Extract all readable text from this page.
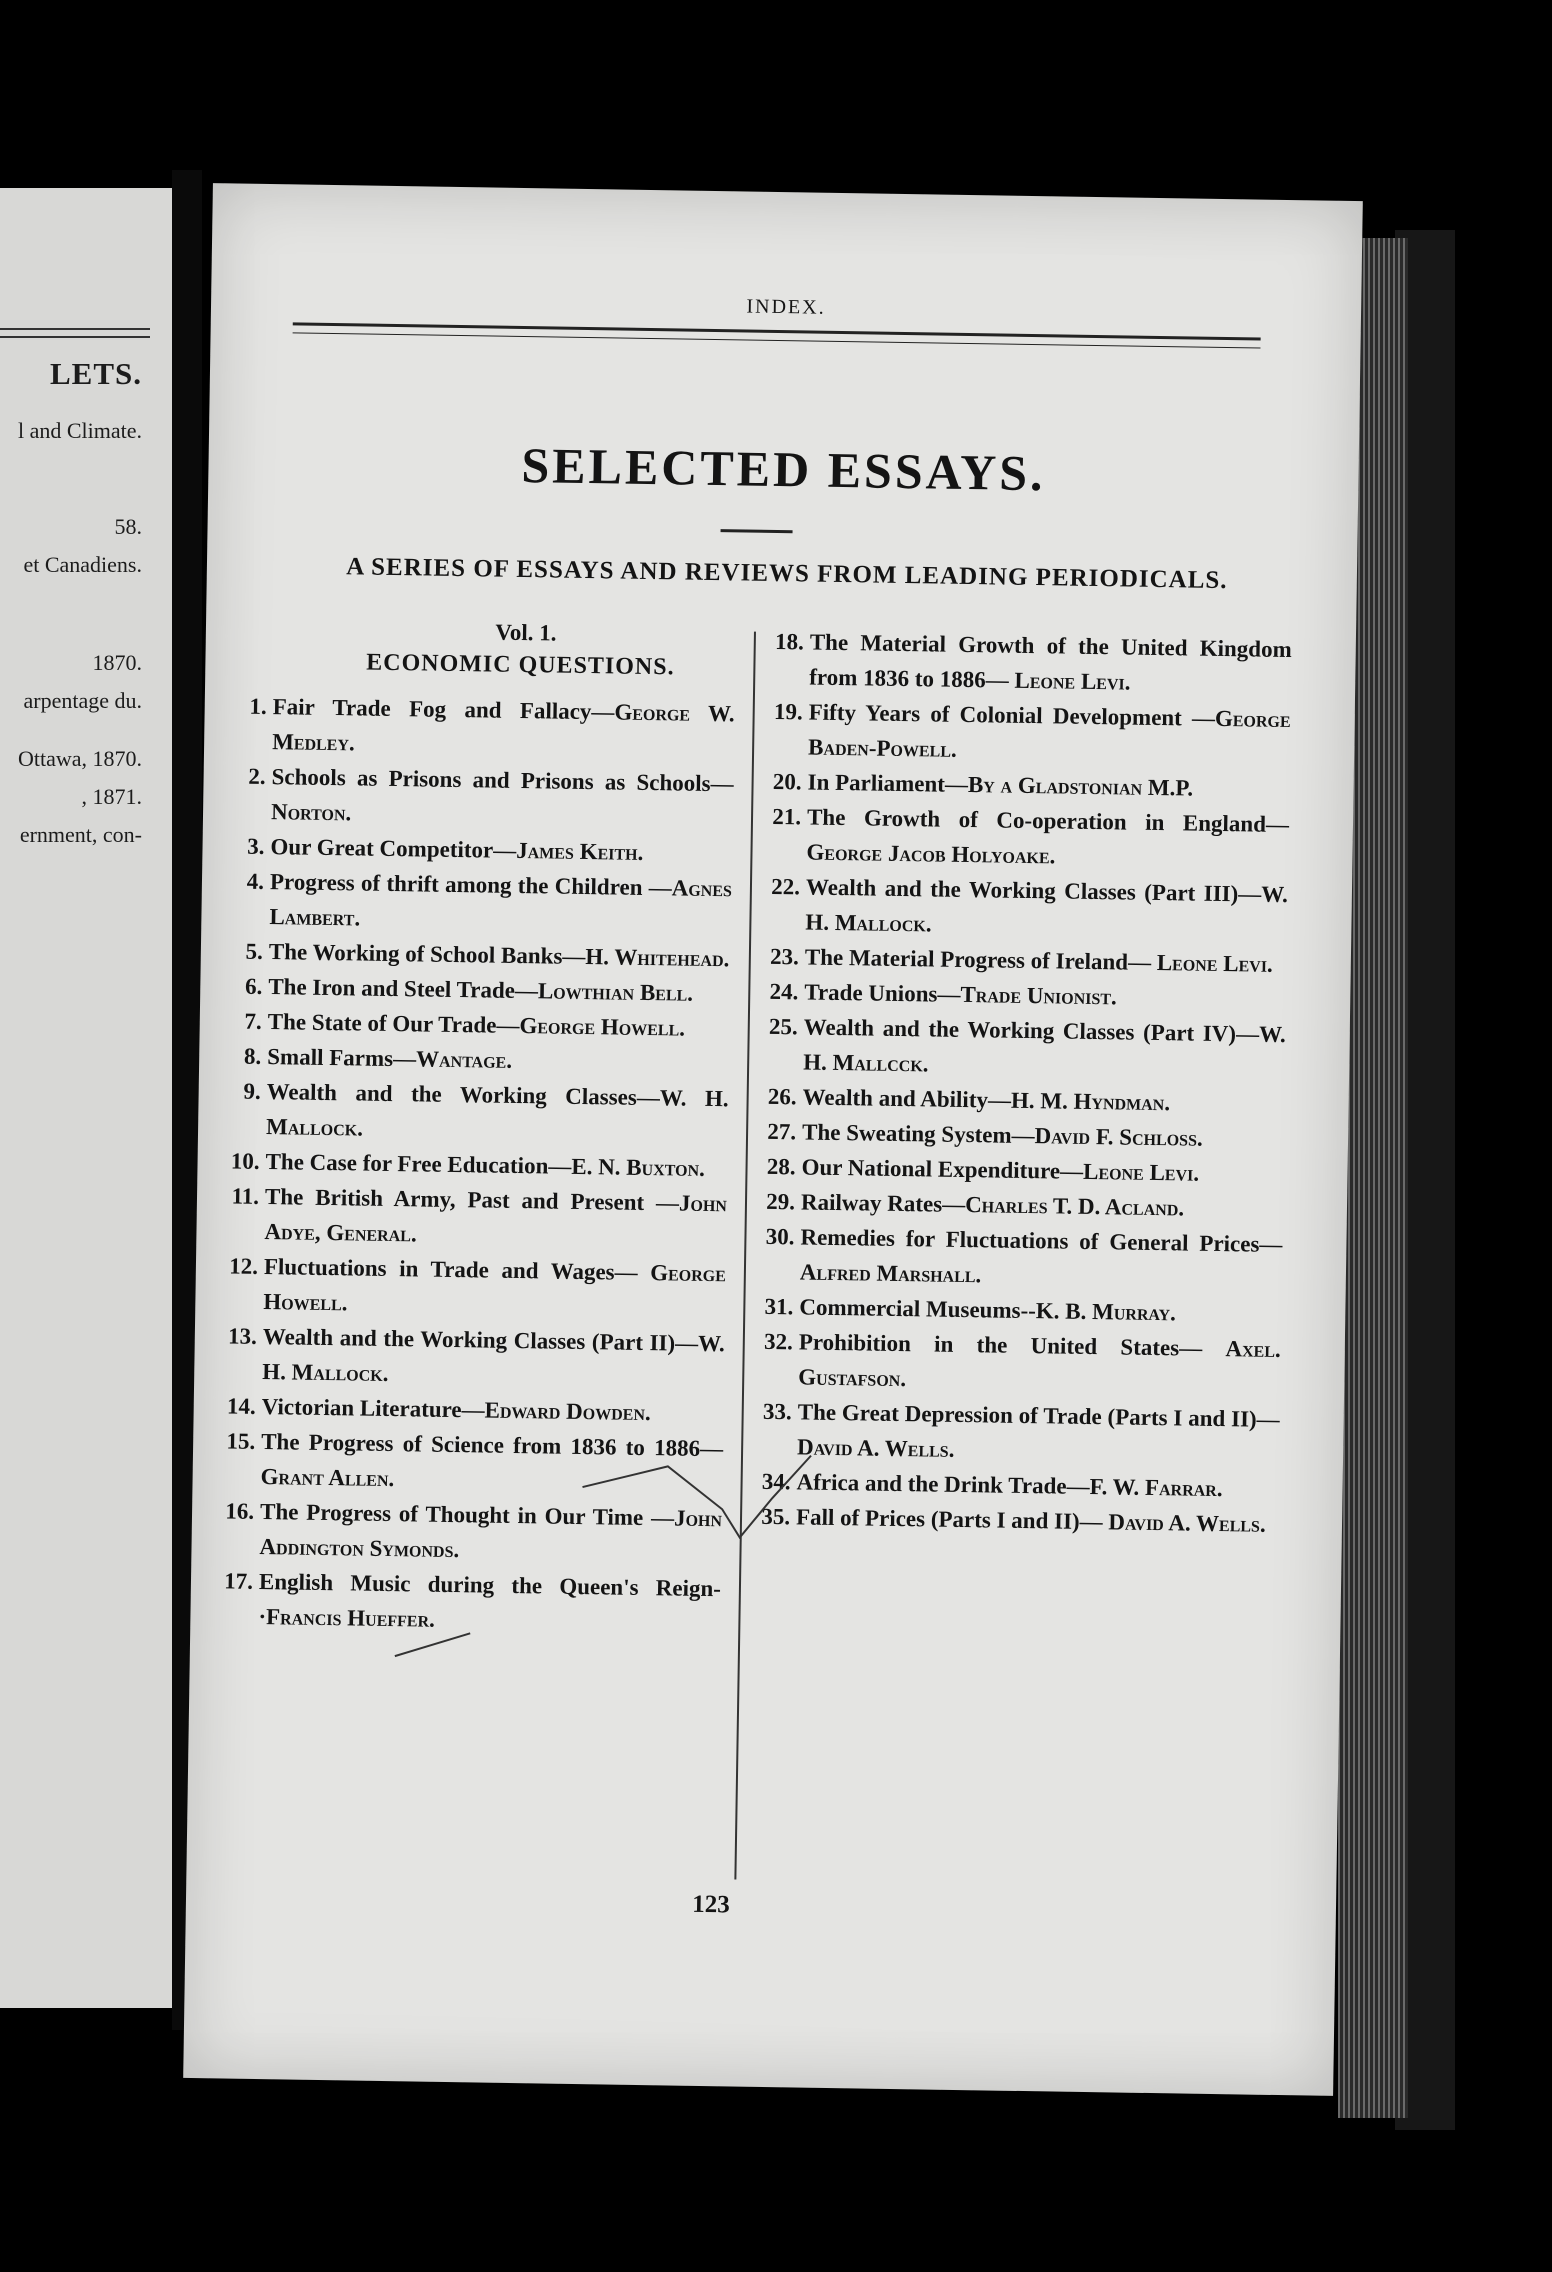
LETS.
l and Climate.
58.
et Canadiens.
1870.
arpentage du.
Ottawa, 1870.
, 1871.
ernment, con-
INDEX.
SELECTED ESSAYS.
A SERIES OF ESSAYS AND REVIEWS FROM LEADING PERIODICALS.
Vol. 1.
ECONOMIC QUESTIONS.
1. Fair Trade Fog and Fallacy—George W. Medley.
2. Schools as Prisons and Prisons as Schools—Norton.
3. Our Great Competitor—James Keith.
4. Progress of thrift among the Children —Agnes Lambert.
5. The Working of School Banks—H. Whitehead.
6. The Iron and Steel Trade—Lowthian Bell.
7. The State of Our Trade—George Howell.
8. Small Farms—Wantage.
9. Wealth and the Working Classes—W. H. Mallock.
10. The Case for Free Education—E. N. Buxton.
11. The British Army, Past and Present —John Adye, General.
12. Fluctuations in Trade and Wages— George Howell.
13. Wealth and the Working Classes (Part II)—W. H. Mallock.
14. Victorian Literature—Edward Dowden.
15. The Progress of Science from 1836 to 1886—Grant Allen.
16. The Progress of Thought in Our Time —John Addington Symonds.
17. English Music during the Queen's Reign-·Francis Hueffer.
18. The Material Growth of the United Kingdom from 1836 to 1886— Leone Levi.
19. Fifty Years of Colonial Development —George Baden-Powell.
20. In Parliament—By a Gladstonian M.P.
21. The Growth of Co-operation in England—George Jacob Holyoake.
22. Wealth and the Working Classes (Part III)—W. H. Mallock.
23. The Material Progress of Ireland— Leone Levi.
24. Trade Unions—Trade Unionist.
25. Wealth and the Working Classes (Part IV)—W. H. Mallcck.
26. Wealth and Ability—H. M. Hyndman.
27. The Sweating System—David F. Schloss.
28. Our National Expenditure—Leone Levi.
29. Railway Rates—Charles T. D. Acland.
30. Remedies for Fluctuations of General Prices—Alfred Marshall.
31. Commercial Museums--K. B. Murray.
32. Prohibition in the United States— Axel. Gustafson.
33. The Great Depression of Trade (Parts I and II)—David A. Wells.
34. Africa and the Drink Trade—F. W. Farrar.
35. Fall of Prices (Parts I and II)— David A. Wells.
123
